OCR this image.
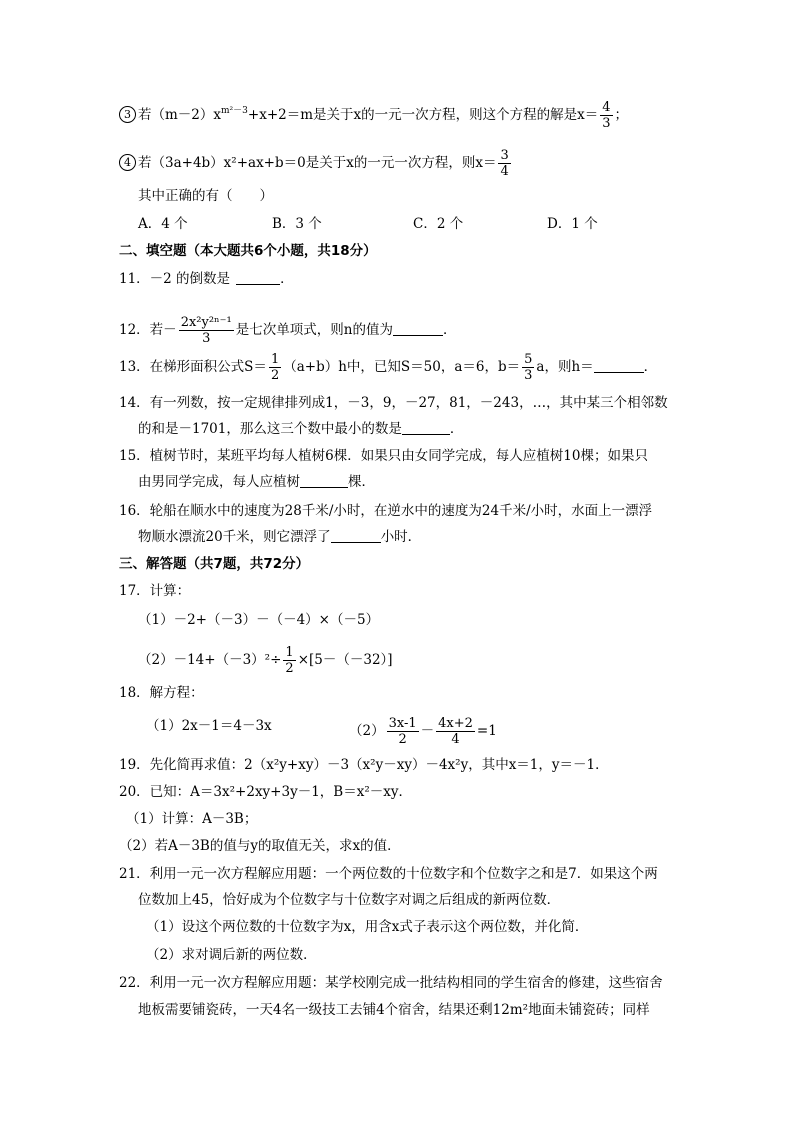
3 若$(m-2)x^{m^2-3}+x+2=m$是关于x的一元一次方程，则这个方程的解是$x= \frac{4}{3}$ ；
4 若（3a+4b）x²+ax+b＝0是关于x的一元一次方程，则$x= \frac{3}{4}$
其中正确的有（　　）
A．4 个	B．3 个	C．2 个	D．1 个
二、填空题（本大题共6个小题，共18分）
11．－2 的倒数是	．
12．若－ $\frac{\text{2x²y²ⁿ⁻¹}}{3}$ 是七次单项式，则n的值为	．
13．在梯形面积公式$S= \frac{1}{2} (a+b)h$中，已知S＝50，a＝6，$b= \frac{5}{3}$ a，则h＝	．
14．有一列数，按一定规律排列成1，－3，9，－27，81，－243，…，其中某三个相邻数
的和是－1701，那么这三个数中最小的数是	．
15．植树节时，某班平均每人植树6棵．如果只由女同学完成，每人应植树10棵；如果只
由男同学完成，每人应植树	棵．
16．轮船在顺水中的速度为28千米/小时，在逆水中的速度为24千米/小时，水面上一漂浮
物顺水漂流20千米，则它漂浮了	小时．
三、解答题（共7题，共72分）
17．计算：
（1）－2+（－3）－（－4）×（－5）
$(2)-14+(-3)^2\div \frac{1}{2} \times[5-(-32)]$
18．解方程：
（1）2x－1＝4－3x	$(2) \frac{3x-1}{2} - \frac{4x+2}{4} =1$
19．先化简再求值：2（x²y+xy）－3（x²y－xy）－4x²y，其中x＝1，y＝－1．
20．已知：A＝3x²+2xy+3y－1，B＝x²－xy．
（1）计算：A－3B；
（2）若A－3B的值与y的取值无关，求x的值．
21．利用一元一次方程解应用题：一个两位数的十位数字和个位数字之和是7．如果这个两
位数加上45，恰好成为个位数字与十位数字对调之后组成的新两位数．
（1）设这个两位数的十位数字为x，用含x式子表示这个两位数，并化简．
（2）求对调后新的两位数．
22．利用一元一次方程解应用题：某学校刚完成一批结构相同的学生宿舍的修建，这些宿舍
地板需要铺瓷砖，一天4名一级技工去铺4个宿舍，结果还剩12m²地面未铺瓷砖；同样
